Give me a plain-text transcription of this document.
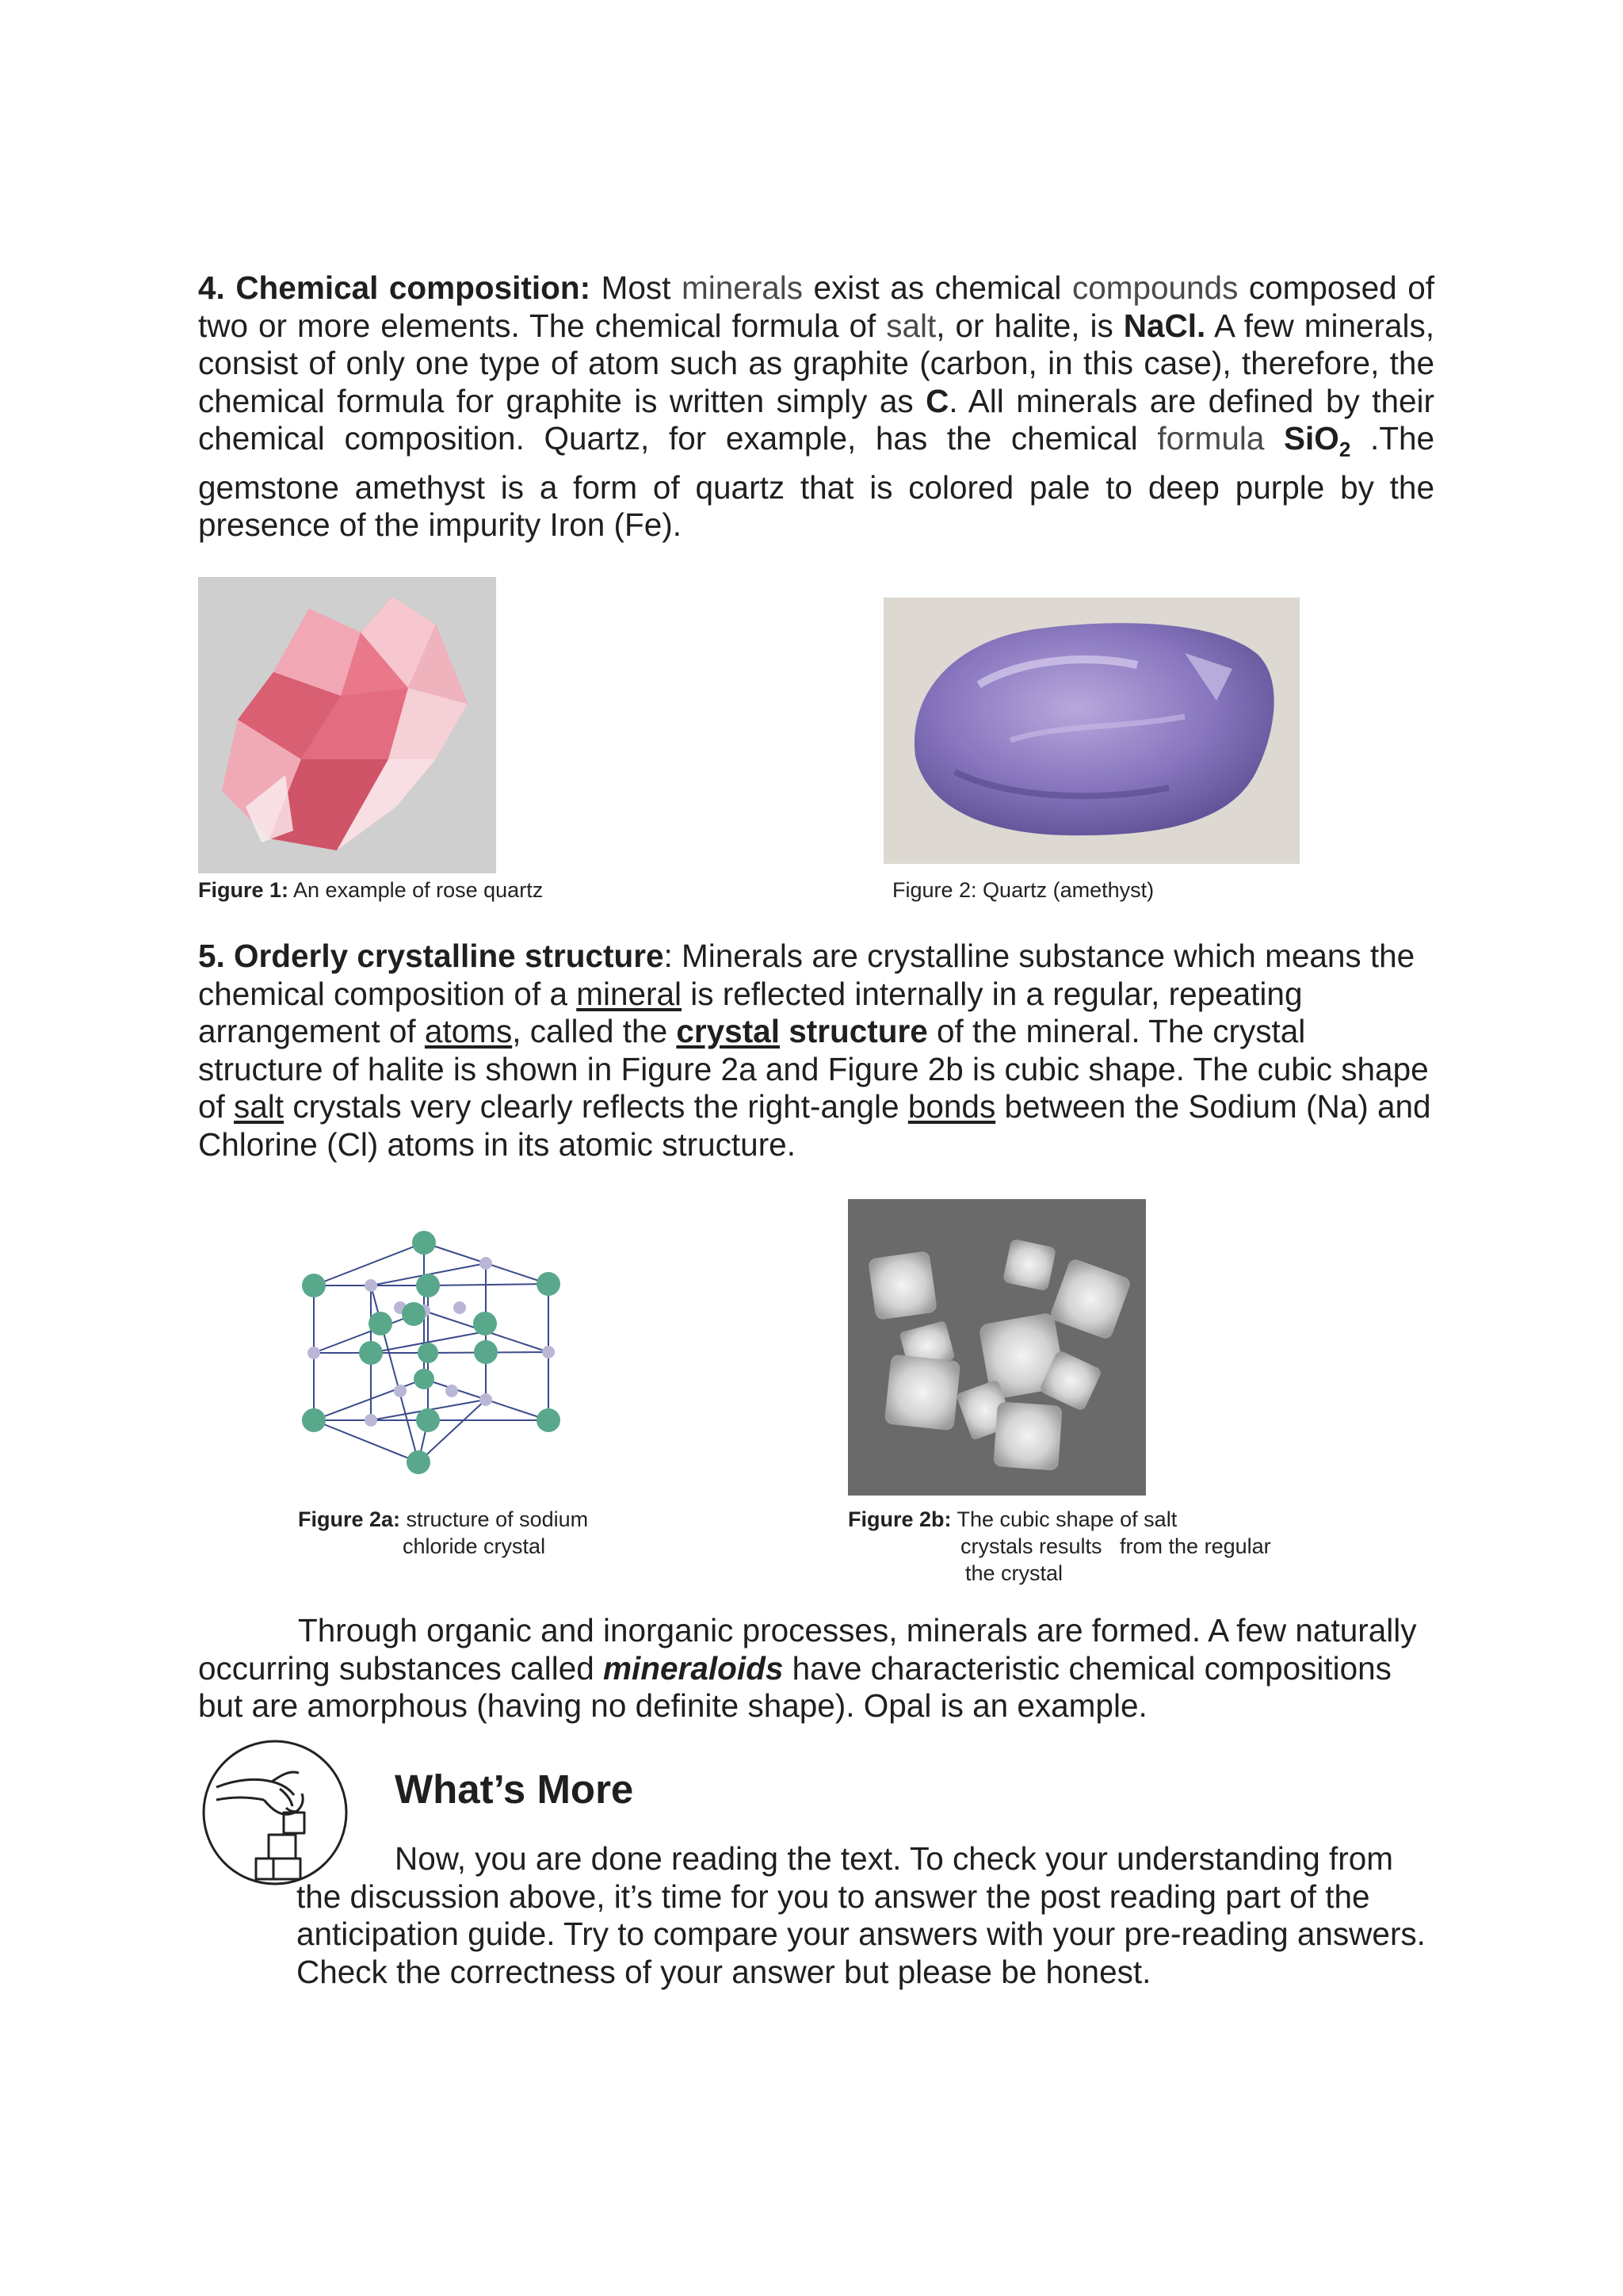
4. Chemical composition: Most minerals exist as chemical compounds composed of two or more elements. The chemical formula of salt, or halite, is NaCl. A few minerals, consist of only one type of atom such as graphite (carbon, in this case), therefore, the chemical formula for graphite is written simply as C. All minerals are defined by their chemical composition. Quartz, for example, has the chemical formula SiO$_2$ .The gemstone amethyst is a form of quartz that is colored pale to deep purple by the presence of the impurity Iron (Fe).

Figure 1: An example of rose quartz	Figure 2: Quartz (amethyst)

5. Orderly crystalline structure: Minerals are crystalline substance which means the chemical composition of a mineral is reflected internally in a regular, repeating arrangement of atoms, called the crystal structure of the mineral. The crystal structure of halite is shown in Figure 2a and Figure 2b is cubic shape. The cubic shape of salt crystals very clearly reflects the right-angle bonds between the Sodium (Na) and Chlorine (Cl) atoms in its atomic structure.

Figure 2a: structure of sodium
chloride crystal
Figure 2b: The cubic shape of salt
crystals results   from the regular
the crystal

Through organic and inorganic processes, minerals are formed. A few naturally occurring substances called mineraloids have characteristic chemical compositions but are amorphous (having no definite shape). Opal is an example.

What’s More

Now, you are done reading the text. To check your understanding from the discussion above, it’s time for you to answer the post reading part of the anticipation guide. Try to compare your answers with your pre-reading answers. Check the correctness of your answer but please be honest.
